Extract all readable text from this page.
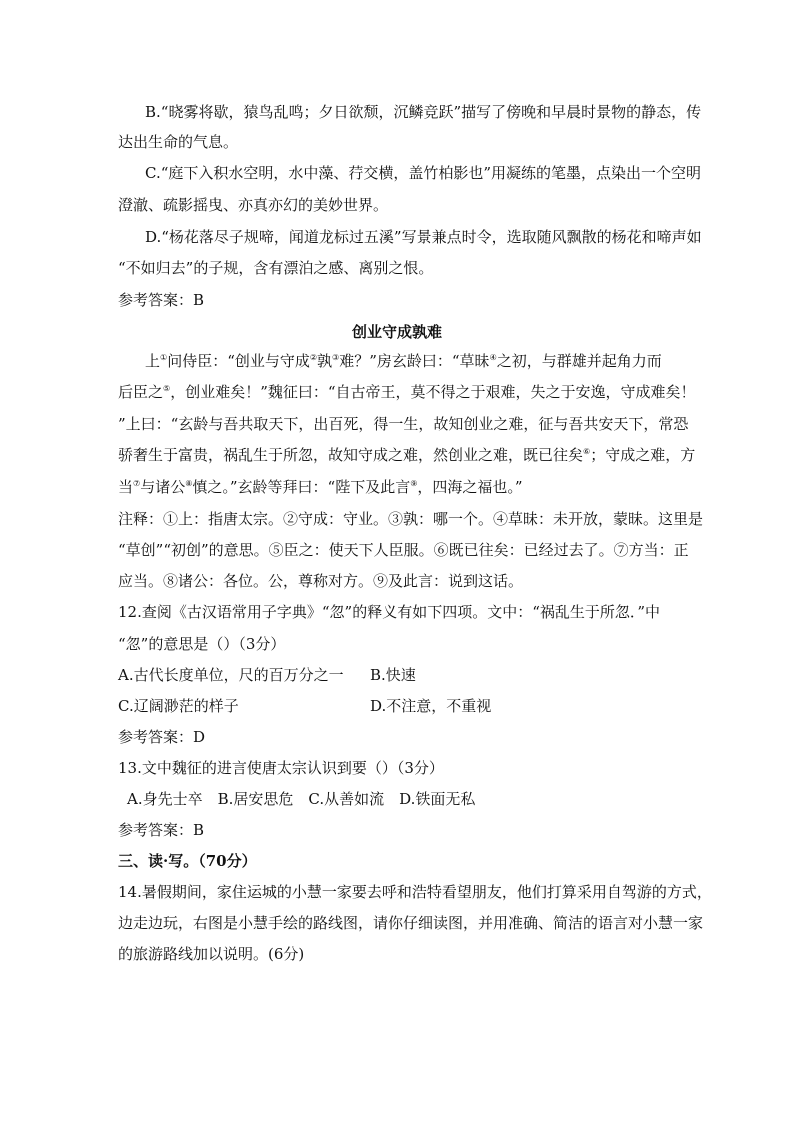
B.“晓雾将歇，猿鸟乱鸣；夕日欲颓，沉鳞竞跃”描写了傍晚和早晨时景物的静态，传
达出生命的气息。
C.“庭下入积水空明，水中藻、荇交横，盖竹柏影也”用凝练的笔墨，点染出一个空明
澄澈、疏影摇曳、亦真亦幻的美妙世界。
D.“杨花落尽子规啼，闻道龙标过五溪”写景兼点时令，选取随风飘散的杨花和啼声如
“不如归去”的子规，含有漂泊之感、离别之恨。
参考答案：B
创业守成孰难
上①问侍臣：“创业与守成②孰③难？”房玄龄曰：“草昧④之初，与群雄并起角力而
后臣之⑤，创业难矣！”魏征曰：“自古帝王，莫不得之于艰难，失之于安逸，守成难矣！
”上曰：“玄龄与吾共取天下，出百死，得一生，故知创业之难，征与吾共安天下，常恐
骄奢生于富贵，祸乱生于所忽，故知守成之难，然创业之难，既已往矣⑥；守成之难，方
当⑦与诸公⑧慎之。”玄龄等拜曰：“陛下及此言⑨，四海之福也。”
注释：①上：指唐太宗。②守成：守业。③孰：哪一个。④草昧：未开放，蒙昧。这里是
“草创”“初创”的意思。⑤臣之：使天下人臣服。⑥既已往矣：已经过去了。⑦方当：正
应当。⑧诸公：各位。公，尊称对方。⑨及此言：说到这话。
12.查阅《古汉语常用子字典》“忽”的释义有如下四项。文中：“祸乱生于所忽．”中
“忽”的意思是（）（3分）
A.古代长度单位，尺的百万分之一 B.快速
C.辽阔渺茫的样子	D.不注意，不重视
参考答案：D
13.文中魏征的进言使唐太宗认识到要（）（3分）
A.身先士卒　B.居安思危　C.从善如流　D.铁面无私
参考答案：B
三、读·写。（70分）
14.暑假期间，家住运城的小慧一家要去呼和浩特看望朋友，他们打算采用自驾游的方式，
边走边玩，右图是小慧手绘的路线图，请你仔细读图，并用准确、简洁的语言对小慧一家
的旅游路线加以说明。(6分)
